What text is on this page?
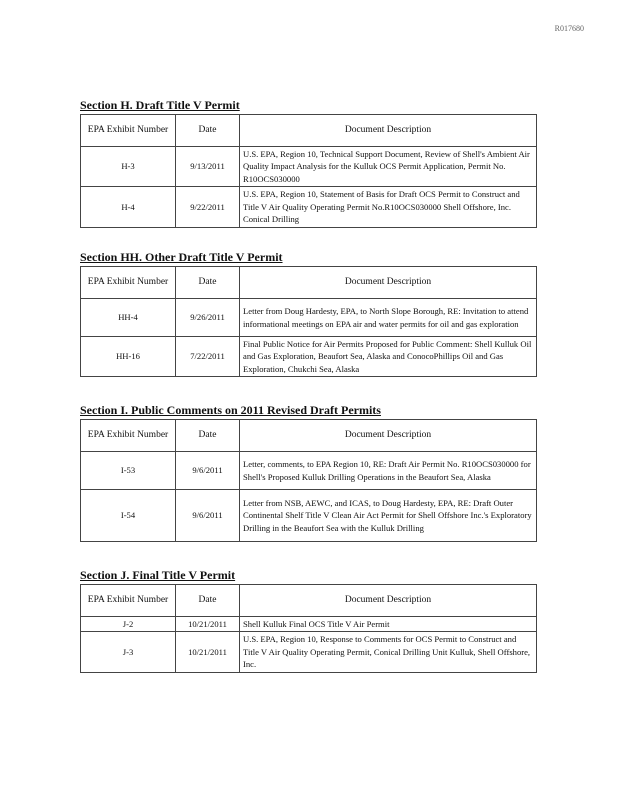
R017680
Section H. Draft Title V Permit
EPA Exhibit Number	Date	Document Description
H-3	9/13/2011	U.S. EPA, Region 10, Technical Support Document, Review of Shell's Ambient Air Quality Impact Analysis for the Kulluk OCS Permit Application, Permit No. R10OCS030000
H-4	9/22/2011	U.S. EPA, Region 10, Statement of Basis for Draft OCS Permit to Construct and Title V Air Quality Operating Permit No.R10OCS030000 Shell Offshore, Inc. Conical Drilling
Section HH. Other Draft Title V Permit
EPA Exhibit Number	Date	Document Description
HH-4	9/26/2011	Letter from Doug Hardesty, EPA, to North Slope Borough, RE: Invitation to attend informational meetings on EPA air and water permits for oil and gas exploration
HH-16	7/22/2011	Final Public Notice for Air Permits Proposed for Public Comment: Shell Kulluk Oil and Gas Exploration, Beaufort Sea, Alaska and ConocoPhillips Oil and Gas Exploration, Chukchi Sea, Alaska
Section I. Public Comments on 2011 Revised Draft Permits
EPA Exhibit Number	Date	Document Description
I-53	9/6/2011	Letter, comments, to EPA Region 10, RE: Draft Air Permit No. R10OCS030000 for Shell's Proposed Kulluk Drilling Operations in the Beaufort Sea, Alaska
I-54	9/6/2011	Letter from NSB, AEWC, and ICAS, to Doug Hardesty, EPA, RE: Draft Outer Continental Shelf Title V Clean Air Act Permit for Shell Offshore Inc.'s Exploratory Drilling in the Beaufort Sea with the Kulluk Drilling
Section J. Final Title V Permit
EPA Exhibit Number	Date	Document Description
J-2	10/21/2011	Shell Kulluk Final OCS Title V Air Permit
J-3	10/21/2011	U.S. EPA, Region 10, Response to Comments for OCS Permit to Construct and Title V Air Quality Operating Permit, Conical Drilling Unit Kulluk, Shell Offshore, Inc.
